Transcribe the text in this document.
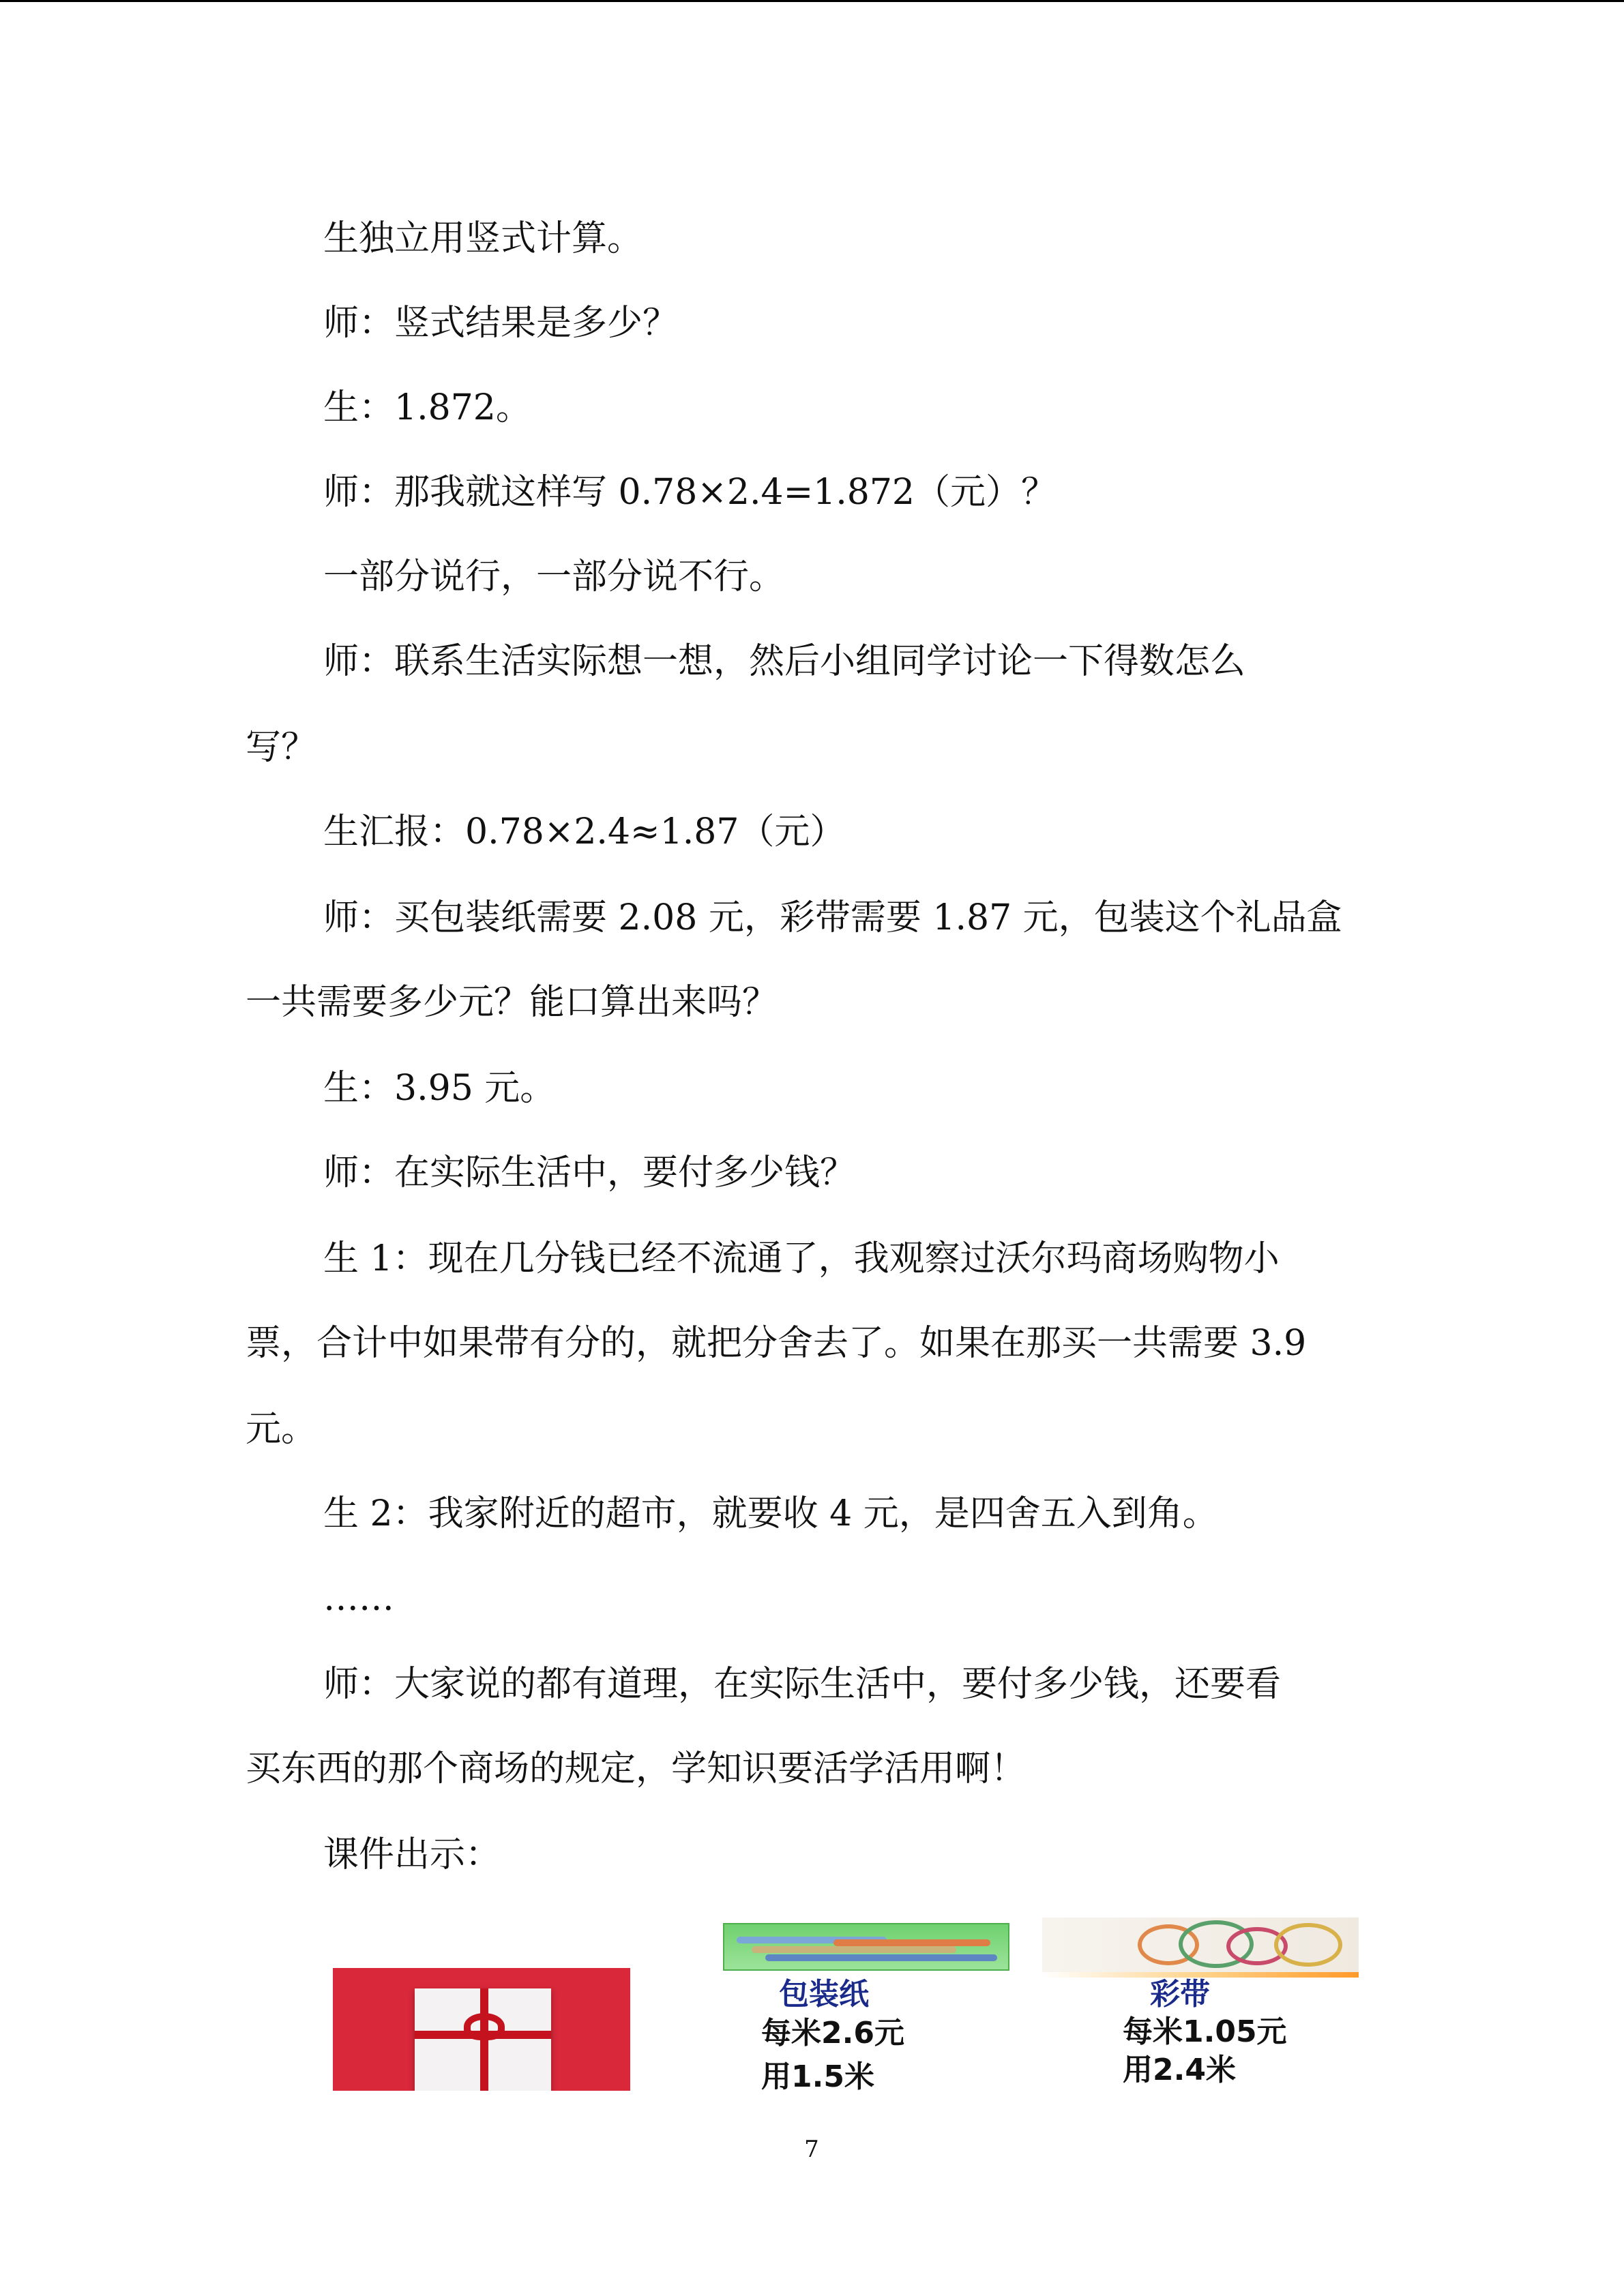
生独立用竖式计算。
师：竖式结果是多少？
生：1.872。
师：那我就这样写 0.78×2.4=1.872（元）？
一部分说行，一部分说不行。
师：联系生活实际想一想，然后小组同学讨论一下得数怎么
写？
生汇报：0.78×2.4≈1.87（元）
师：买包装纸需要 2.08 元，彩带需要 1.87 元，包装这个礼品盒
一共需要多少元？能口算出来吗？
生：3.95 元。
师：在实际生活中，要付多少钱？
生 1：现在几分钱已经不流通了，我观察过沃尔玛商场购物小
票，合计中如果带有分的，就把分舍去了。如果在那买一共需要 3.9
元。
生 2：我家附近的超市，就要收 4 元，是四舍五入到角。
……
师：大家说的都有道理，在实际生活中，要付多少钱，还要看
买东西的那个商场的规定，学知识要活学活用啊！
课件出示：
包装纸
每米2.6元
用1.5米
彩带
每米1.05元
用2.4米
7
